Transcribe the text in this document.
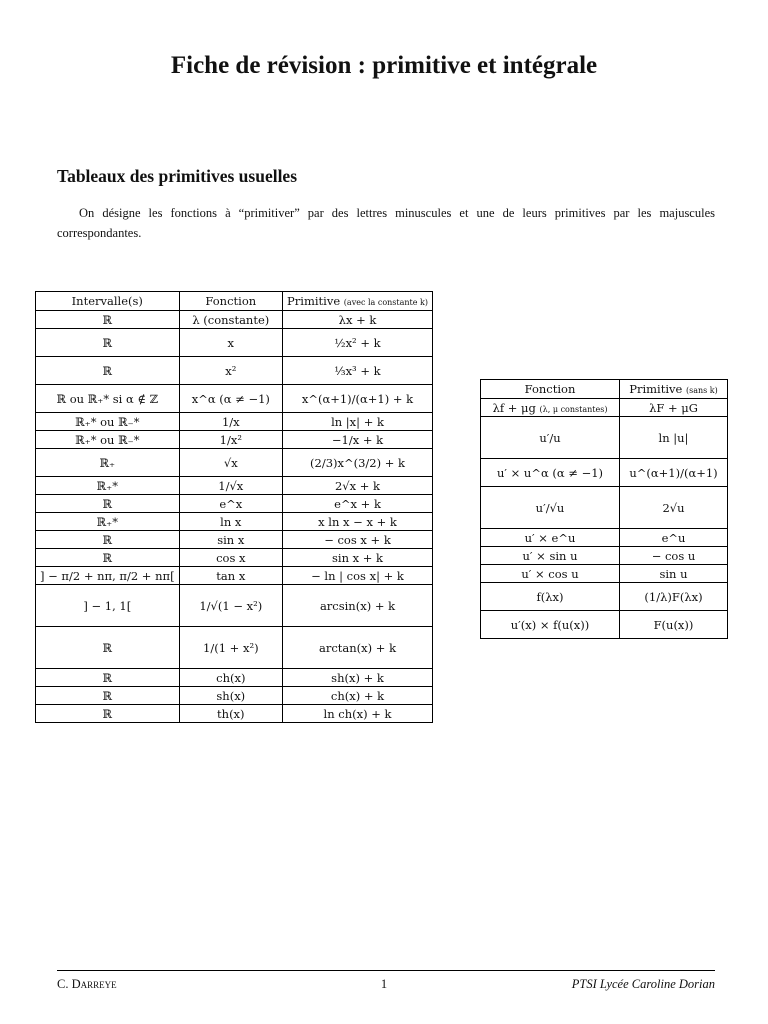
Fiche de révision : primitive et intégrale
Tableaux des primitives usuelles

On désigne les fonctions à “primitiver” par des lettres minuscules et une de leurs primitives par les majuscules correspondantes.

Intervalle(s)	Fonction	Primitive (avec la constante k)
ℝ	λ (constante)	λx + k
ℝ	x	½x² + k
ℝ	x²	⅓x³ + k
ℝ ou ℝ₊* si α ∉ ℤ	x^α (α ≠ −1)	x^(α+1)/(α+1) + k
ℝ₊* ou ℝ₋*	1/x	ln |x| + k
ℝ₊* ou ℝ₋*	1/x²	−1/x + k
ℝ₊	√x	(2/3)x^(3/2) + k
ℝ₊*	1/√x	2√x + k
ℝ	e^x	e^x + k
ℝ₊*	ln x	x ln x − x + k
ℝ	sin x	− cos x + k
ℝ	cos x	sin x + k
] − π/2 + nπ, π/2 + nπ[	tan x	− ln | cos x| + k
] − 1, 1[	1/√(1 − x²)	arcsin(x) + k
ℝ	1/(1 + x²)	arctan(x) + k
ℝ	ch(x)	sh(x) + k
ℝ	sh(x)	ch(x) + k
ℝ	th(x)	ln ch(x) + k
Fonction	Primitive (sans k)
λf + μg (λ, μ constantes)	λF + μG
u′/u	ln |u|
u′ × u^α (α ≠ −1)	u^(α+1)/(α+1)
u′/√u	2√u
u′ × e^u	e^u
u′ × sin u	− cos u
u′ × cos u	sin u
f(λx)	(1/λ)F(λx)
u′(x) × f(u(x))	F(u(x))
C. Darreye	1	PTSI Lycée Caroline Dorian
